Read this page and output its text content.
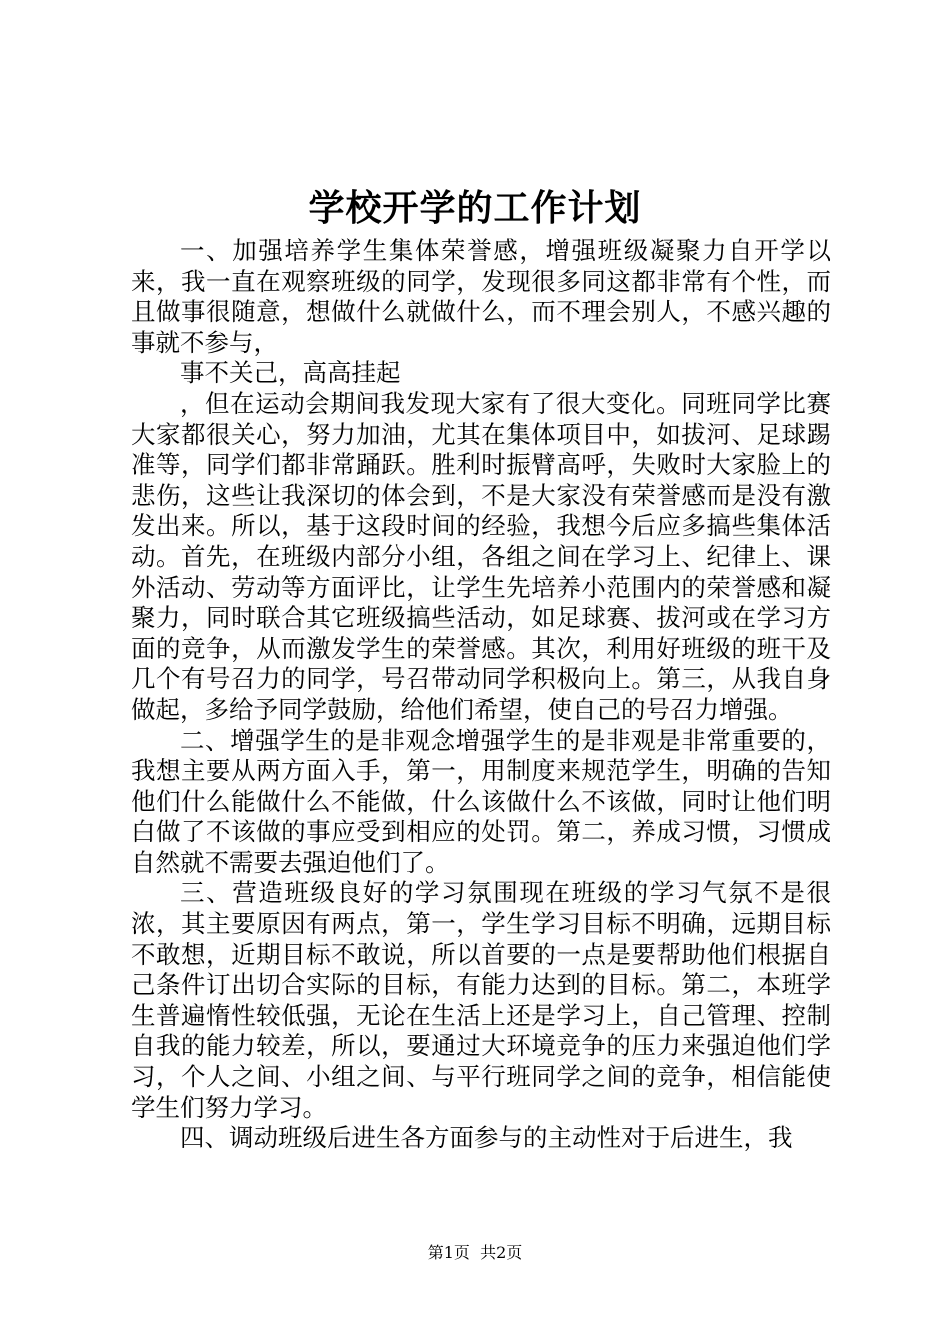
学校开学的工作计划

一、加强培养学生集体荣誉感，增强班级凝聚力自开学以来，我一直在观察班级的同学，发现很多同这都非常有个性，而且做事很随意，想做什么就做什么，而不理会别人，不感兴趣的事就不参与，

事不关己，高高挂起

，但在运动会期间我发现大家有了很大变化。同班同学比赛大家都很关心，努力加油，尤其在集体项目中，如拔河、足球踢准等，同学们都非常踊跃。胜利时振臂高呼，失败时大家脸上的悲伤，这些让我深切的体会到，不是大家没有荣誉感而是没有激发出来。所以，基于这段时间的经验，我想今后应多搞些集体活动。首先，在班级内部分小组，各组之间在学习上、纪律上、课外活动、劳动等方面评比，让学生先培养小范围内的荣誉感和凝聚力，同时联合其它班级搞些活动，如足球赛、拔河或在学习方面的竞争，从而激发学生的荣誉感。其次，利用好班级的班干及几个有号召力的同学，号召带动同学积极向上。第三，从我自身做起，多给予同学鼓励，给他们希望，使自己的号召力增强。

二、增强学生的是非观念增强学生的是非观是非常重要的，我想主要从两方面入手，第一，用制度来规范学生，明确的告知他们什么能做什么不能做，什么该做什么不该做，同时让他们明白做了不该做的事应受到相应的处罚。第二，养成习惯，习惯成自然就不需要去强迫他们了。

三、营造班级良好的学习氛围现在班级的学习气氛不是很浓，其主要原因有两点，第一，学生学习目标不明确，远期目标不敢想，近期目标不敢说，所以首要的一点是要帮助他们根据自己条件订出切合实际的目标，有能力达到的目标。第二，本班学生普遍惰性较低强，无论在生活上还是学习上，自己管理、控制自我的能力较差，所以，要通过大环境竞争的压力来强迫他们学习，个人之间、小组之间、与平行班同学之间的竞争，相信能使学生们努力学习。

四、调动班级后进生各方面参与的主动性对于后进生，我

第1页  共2页
